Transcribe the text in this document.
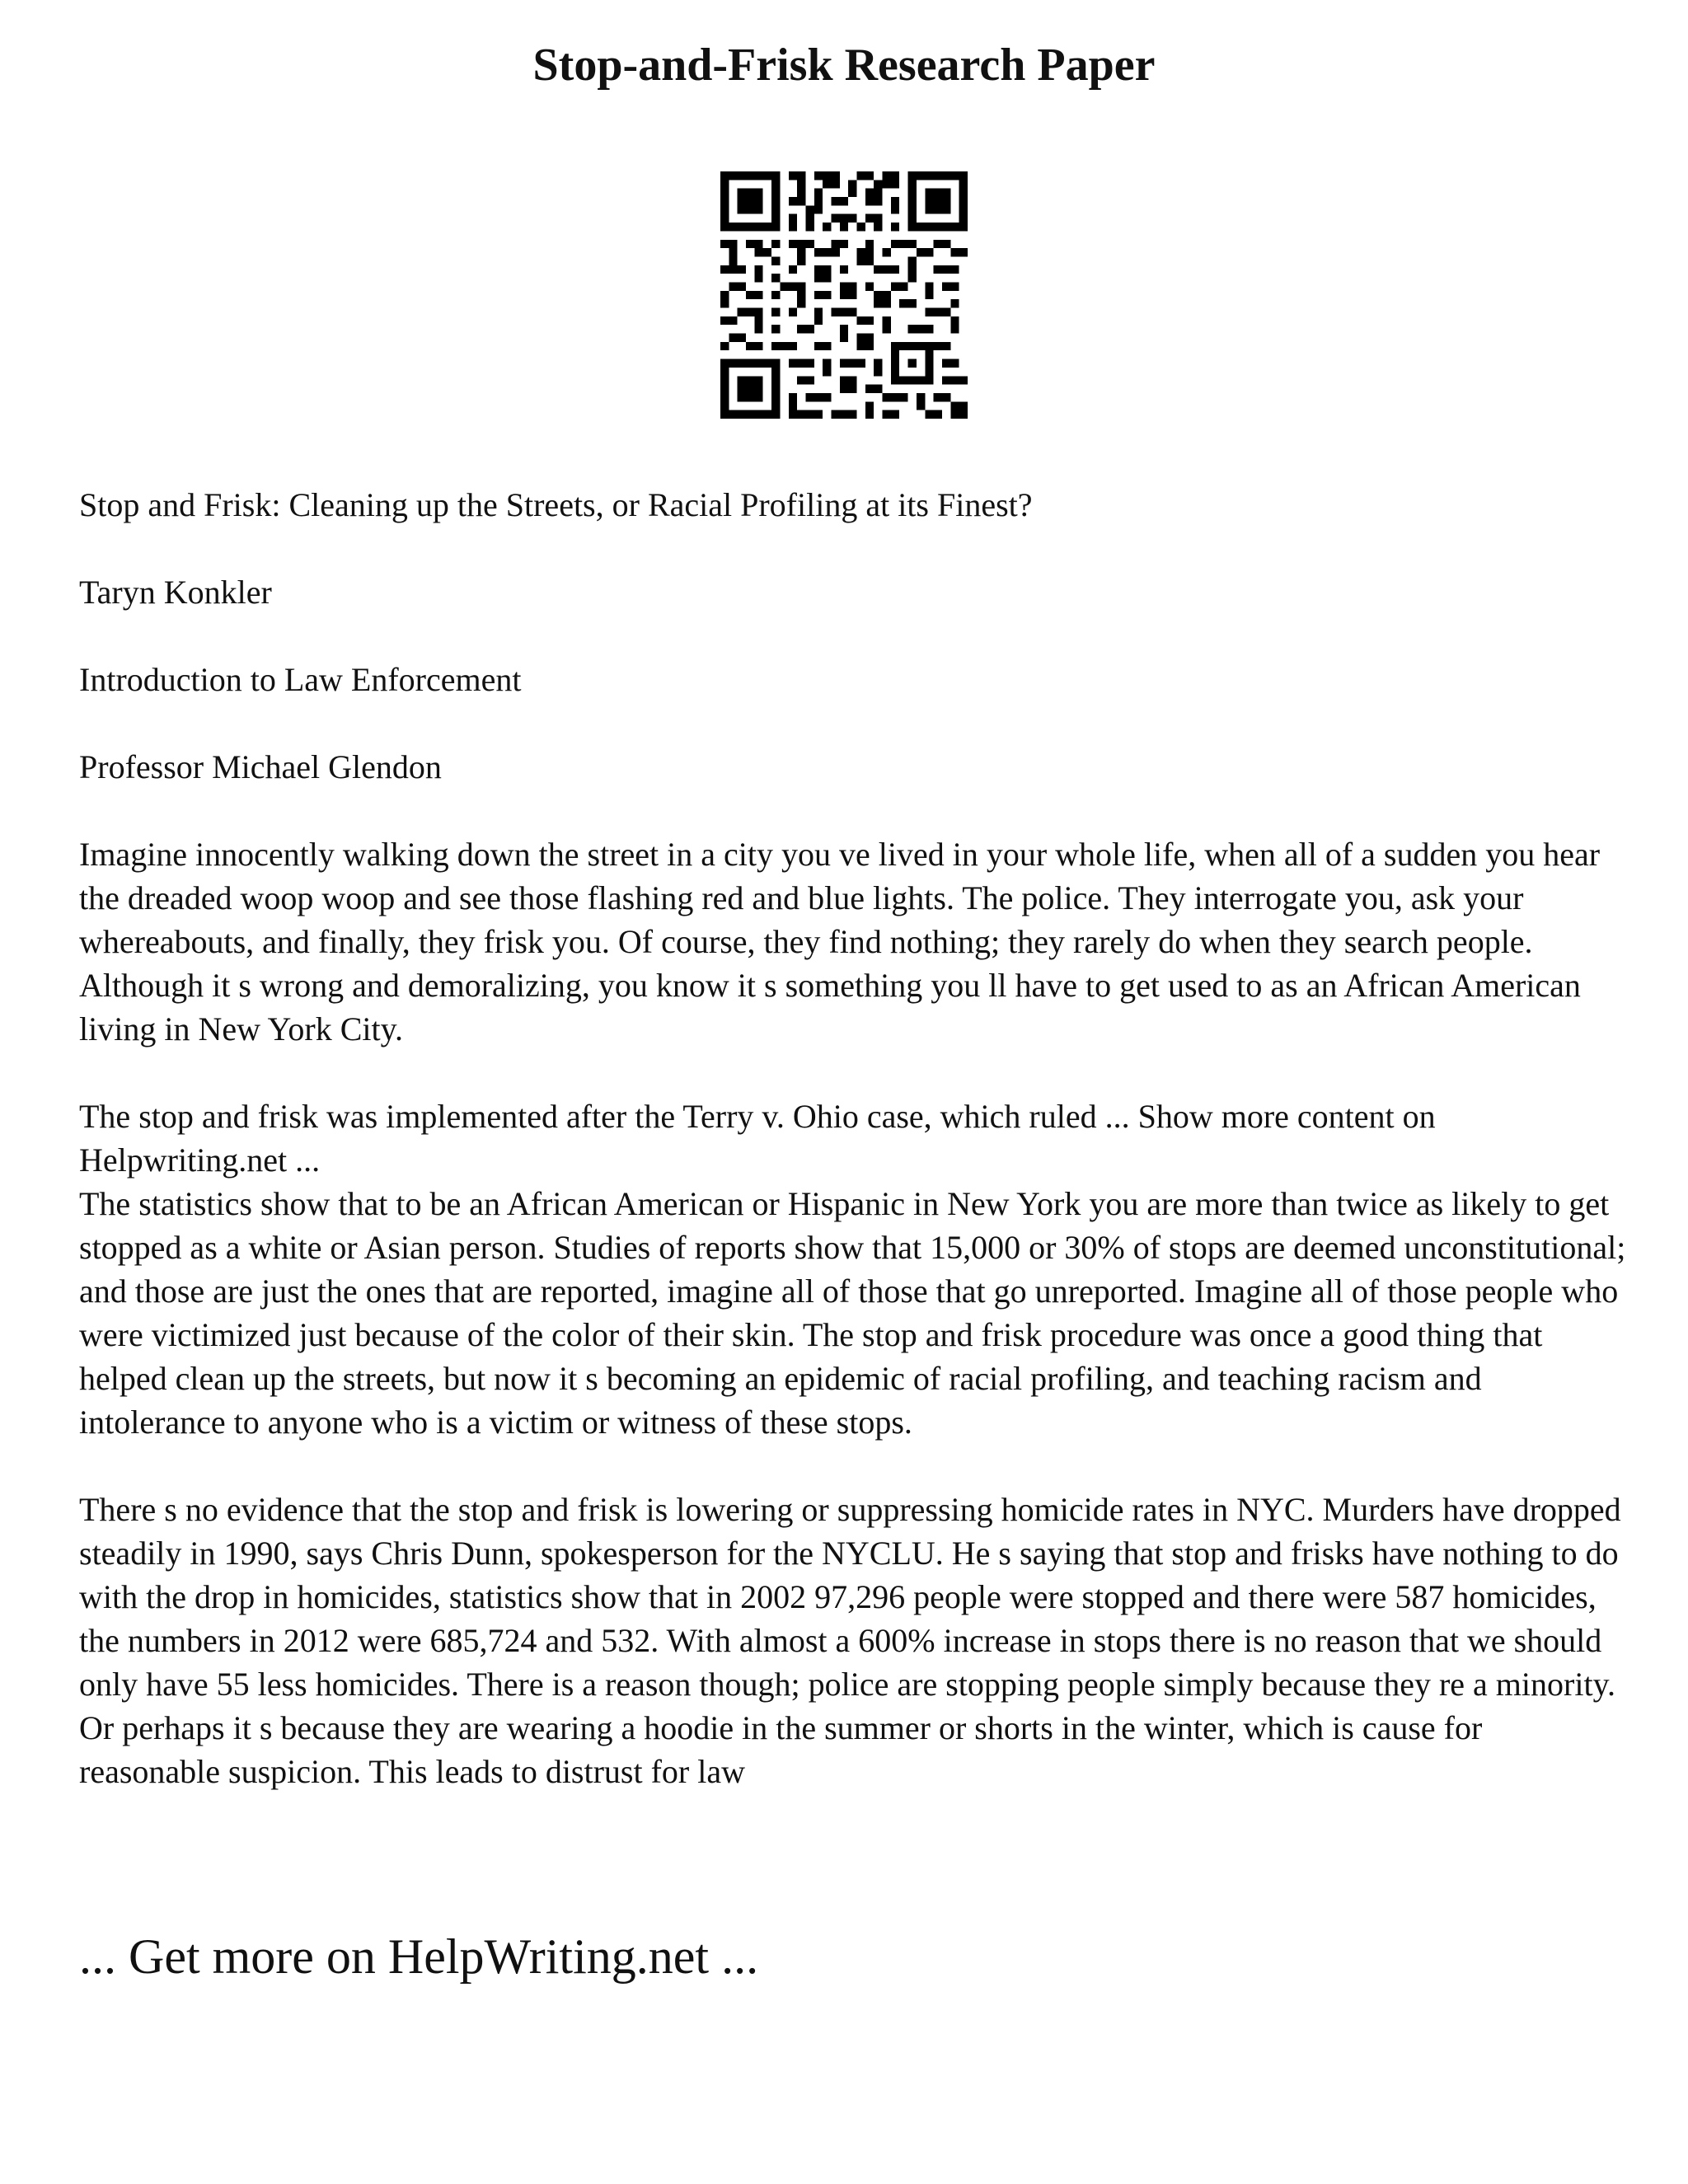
Stop-and-Frisk Research Paper

Stop and Frisk: Cleaning up the Streets, or Racial Profiling at its Finest?

Taryn Konkler

Introduction to Law Enforcement

Professor Michael Glendon

Imagine innocently walking down the street in a city you ve lived in your whole life, when all of a sudden you hear the dreaded woop woop and see those flashing red and blue lights. The police. They interrogate you, ask your whereabouts, and finally, they frisk you. Of course, they find nothing; they rarely do when they search people. Although it s wrong and demoralizing, you know it s something you ll have to get used to as an African American living in New York City.

The stop and frisk was implemented after the Terry v. Ohio case, which ruled ... Show more content on Helpwriting.net ...

The statistics show that to be an African American or Hispanic in New York you are more than twice as likely to get stopped as a white or Asian person. Studies of reports show that 15,000 or 30% of stops are deemed unconstitutional; and those are just the ones that are reported, imagine all of those that go unreported. Imagine all of those people who were victimized just because of the color of their skin. The stop and frisk procedure was once a good thing that helped clean up the streets, but now it s becoming an epidemic of racial profiling, and teaching racism and intolerance to anyone who is a victim or witness of these stops.

There s no evidence that the stop and frisk is lowering or suppressing homicide rates in NYC. Murders have dropped steadily in 1990, says Chris Dunn, spokesperson for the NYCLU. He s saying that stop and frisks have nothing to do with the drop in homicides, statistics show that in 2002 97,296 people were stopped and there were 587 homicides, the numbers in 2012 were 685,724 and 532. With almost a 600% increase in stops there is no reason that we should only have 55 less homicides. There is a reason though; police are stopping people simply because they re a minority. Or perhaps it s because they are wearing a hoodie in the summer or shorts in the winter, which is cause for reasonable suspicion. This leads to distrust for law

... Get more on HelpWriting.net ...
